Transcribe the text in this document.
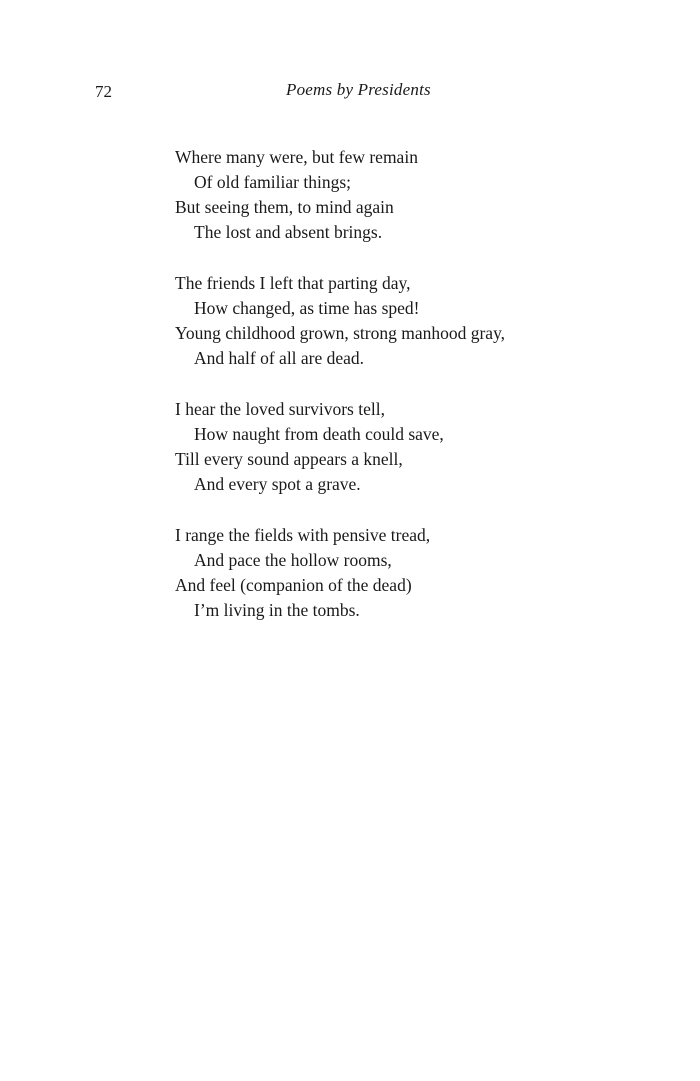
72	Poems by Presidents
Where many were, but few remain
Of old familiar things;
But seeing them, to mind again
The lost and absent brings.
The friends I left that parting day,
How changed, as time has sped!
Young childhood grown, strong manhood gray,
And half of all are dead.
I hear the loved survivors tell,
How naught from death could save,
Till every sound appears a knell,
And every spot a grave.
I range the fields with pensive tread,
And pace the hollow rooms,
And feel (companion of the dead)
I’m living in the tombs.
